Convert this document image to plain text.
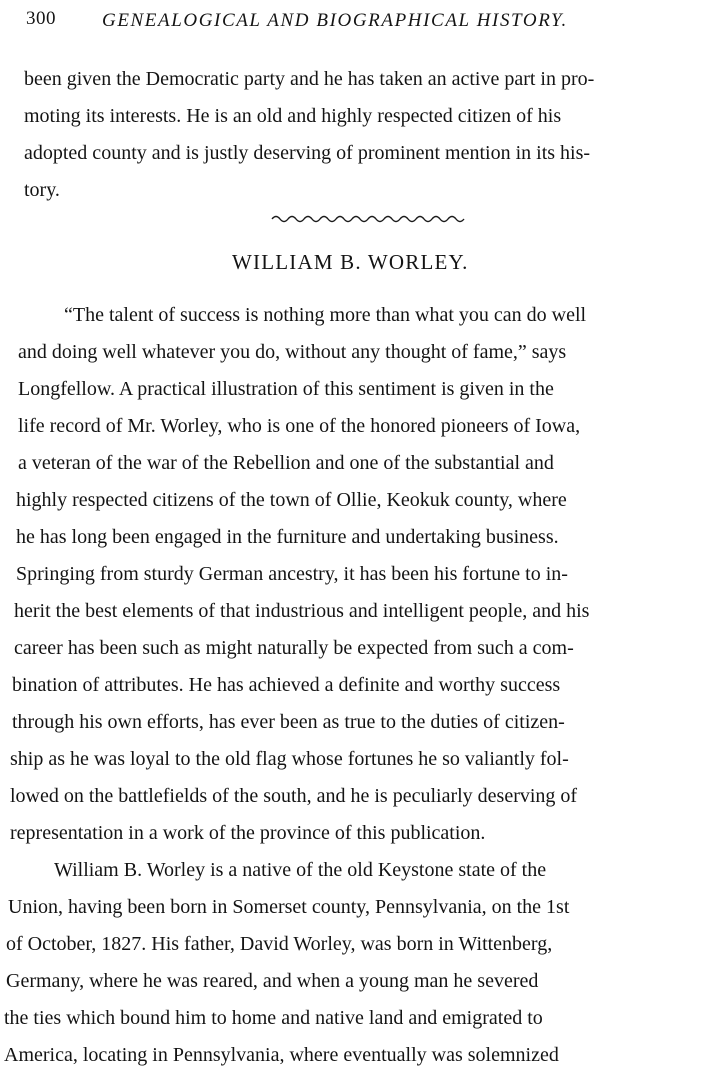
300 GENEALOGICAL AND BIOGRAPHICAL HISTORY.
been given the Democratic party and he has taken an active part in pro-
moting its interests. He is an old and highly respected citizen of his
adopted county and is justly deserving of prominent mention in its his-
tory.
WILLIAM B. WORLEY.
“The talent of success is nothing more than what you can do well
and doing well whatever you do, without any thought of fame,” says
Longfellow. A practical illustration of this sentiment is given in the
life record of Mr. Worley, who is one of the honored pioneers of Iowa,
a veteran of the war of the Rebellion and one of the substantial and
highly respected citizens of the town of Ollie, Keokuk county, where
he has long been engaged in the furniture and undertaking business.
Springing from sturdy German ancestry, it has been his fortune to in-
herit the best elements of that industrious and intelligent people, and his
career has been such as might naturally be expected from such a com-
bination of attributes. He has achieved a definite and worthy success
through his own efforts, has ever been as true to the duties of citizen-
ship as he was loyal to the old flag whose fortunes he so valiantly fol-
lowed on the battlefields of the south, and he is peculiarly deserving of
representation in a work of the province of this publication.
William B. Worley is a native of the old Keystone state of the
Union, having been born in Somerset county, Pennsylvania, on the 1st
of October, 1827. His father, David Worley, was born in Wittenberg,
Germany, where he was reared, and when a young man he severed
the ties which bound him to home and native land and emigrated to
America, locating in Pennsylvania, where eventually was solemnized
